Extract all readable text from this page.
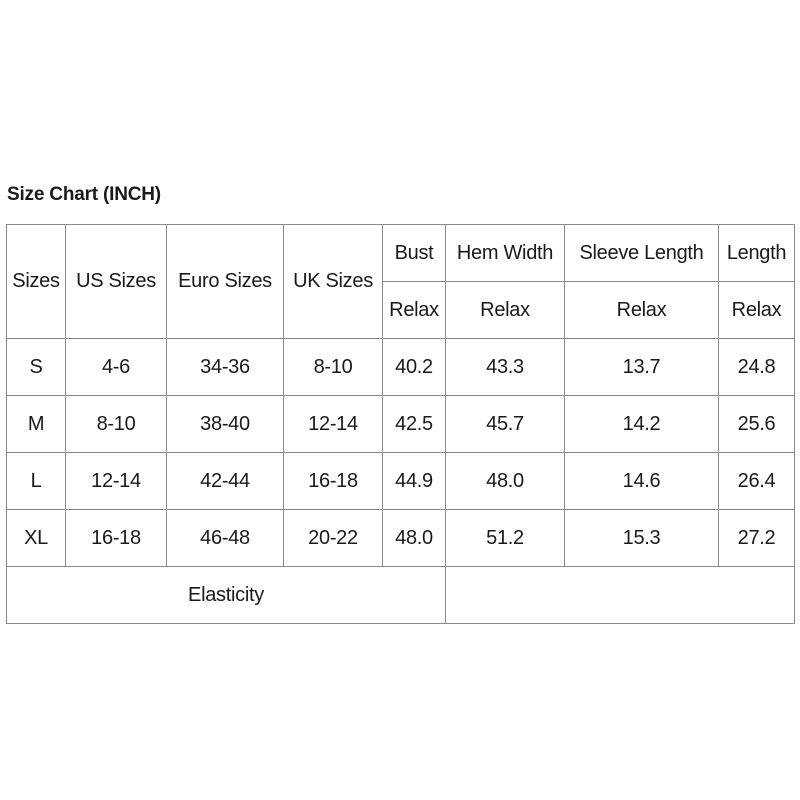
Size Chart (INCH)
Sizes	US Sizes	Euro Sizes	UK Sizes	Bust	Hem Width	Sleeve Length	Length
				Relax	Relax	Relax	Relax
S	4-6	34-36	8-10	40.2	43.3	13.7	24.8
M	8-10	38-40	12-14	42.5	45.7	14.2	25.6
L	12-14	42-44	16-18	44.9	48.0	14.6	26.4
XL	16-18	46-48	20-22	48.0	51.2	15.3	27.2
Elasticity							
